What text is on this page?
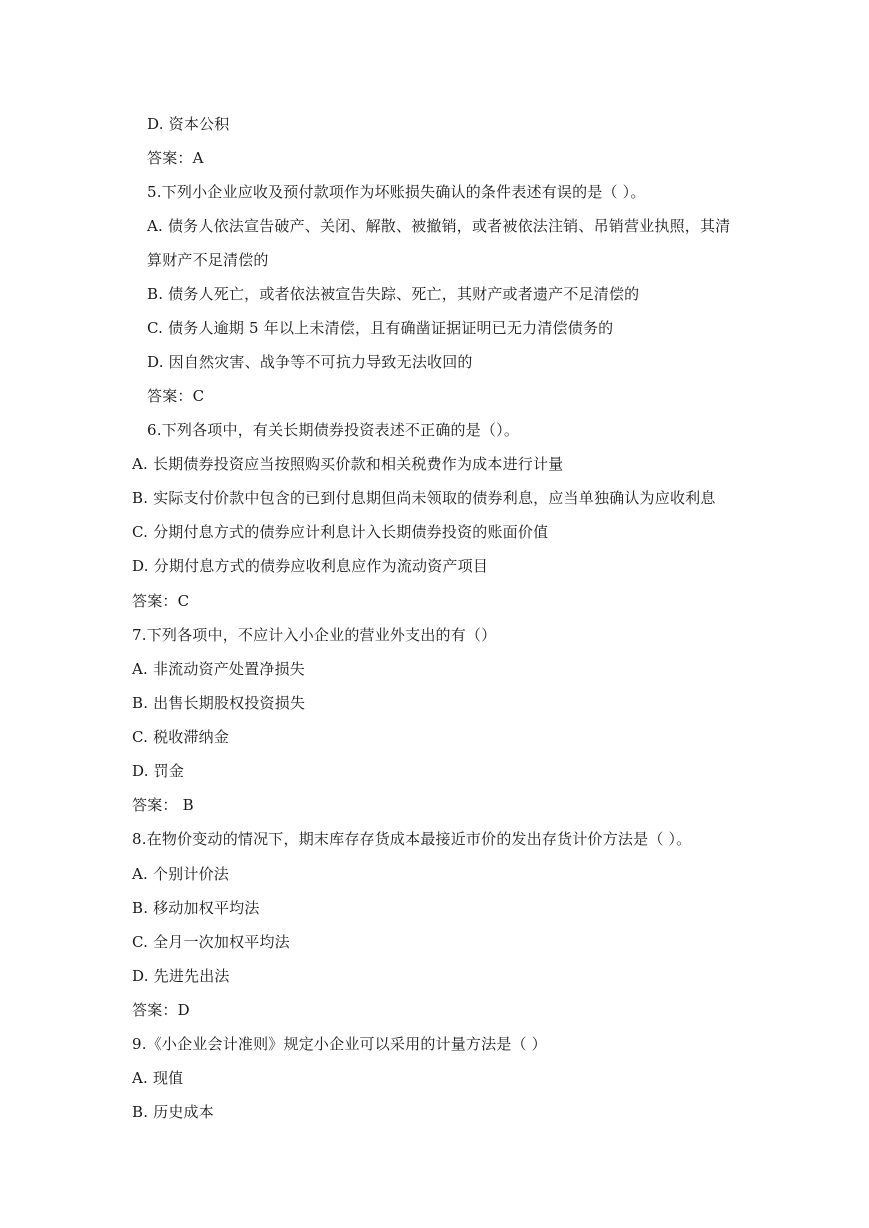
D. 资本公积
答案：A
5.下列小企业应收及预付款项作为坏账损失确认的条件表述有误的是（ ）。
A. 债务人依法宣告破产、关闭、解散、被撤销，或者被依法注销、吊销营业执照，其清
算财产不足清偿的
B. 债务人死亡，或者依法被宣告失踪、死亡，其财产或者遗产不足清偿的
C. 债务人逾期 5 年以上未清偿，且有确凿证据证明已无力清偿债务的
D. 因自然灾害、战争等不可抗力导致无法收回的
答案：C
6.下列各项中，有关长期债券投资表述不正确的是（）。
A. 长期债券投资应当按照购买价款和相关税费作为成本进行计量
B. 实际支付价款中包含的已到付息期但尚未领取的债券利息，应当单独确认为应收利息
C. 分期付息方式的债券应计利息计入长期债券投资的账面价值
D. 分期付息方式的债券应收利息应作为流动资产项目
答案：C
7.下列各项中，不应计入小企业的营业外支出的有（）
A. 非流动资产处置净损失
B. 出售长期股权投资损失
C. 税收滞纳金
D. 罚金
答案： B
8.在物价变动的情况下，期末库存存货成本最接近市价的发出存货计价方法是（ ）。
A. 个别计价法
B. 移动加权平均法
C. 全月一次加权平均法
D. 先进先出法
答案：D
9.《小企业会计准则》规定小企业可以采用的计量方法是（ ）
A. 现值
B. 历史成本
